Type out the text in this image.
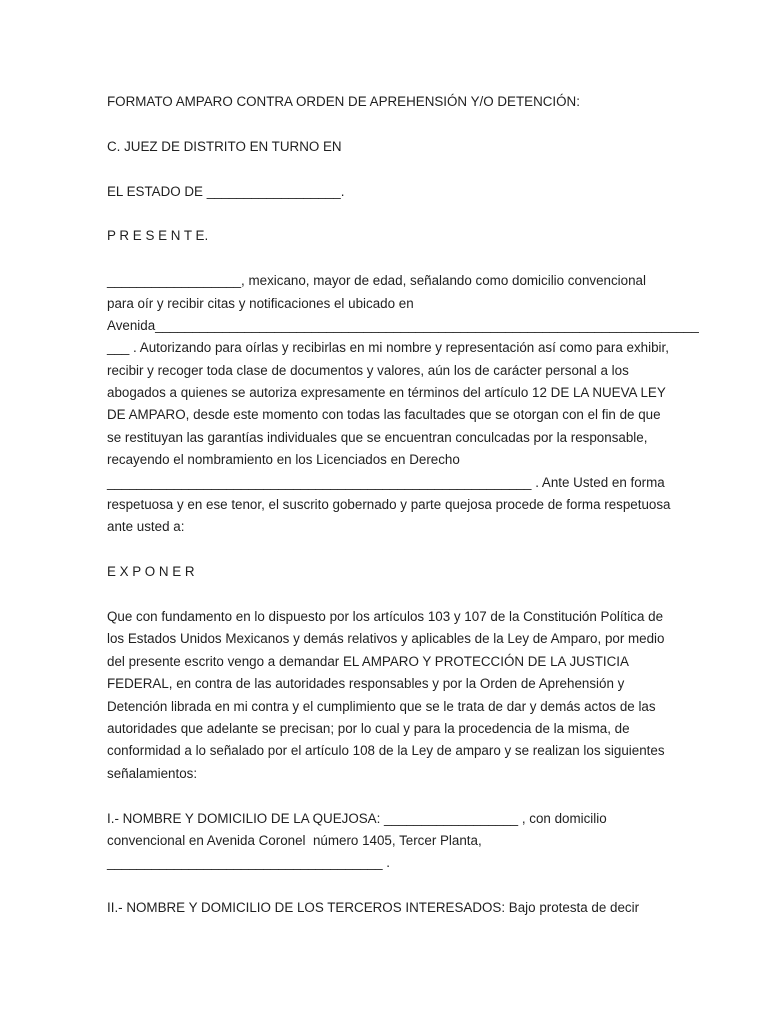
FORMATO AMPARO CONTRA ORDEN DE APREHENSIÓN Y/O DETENCIÓN:
C. JUEZ DE DISTRITO EN TURNO EN
EL ESTADO DE __________________.
P R E S E N T E.
__________________, mexicano, mayor de edad, señalando como domicilio convencional
para oír y recibir citas y notificaciones el ubicado en
Avenida_________________________________________________________________________
___ . Autorizando para oírlas y recibirlas en mi nombre y representación así como para exhibir,
recibir y recoger toda clase de documentos y valores, aún los de carácter personal a los
abogados a quienes se autoriza expresamente en términos del artículo 12 DE LA NUEVA LEY
DE AMPARO, desde este momento con todas las facultades que se otorgan con el fin de que
se restituyan las garantías individuales que se encuentran conculcadas por la responsable,
recayendo el nombramiento en los Licenciados en Derecho
_________________________________________________________ . Ante Usted en forma
respetuosa y en ese tenor, el suscrito gobernado y parte quejosa procede de forma respetuosa
ante usted a:
E X P O N E R
Que con fundamento en lo dispuesto por los artículos 103 y 107 de la Constitución Política de
los Estados Unidos Mexicanos y demás relativos y aplicables de la Ley de Amparo, por medio
del presente escrito vengo a demandar EL AMPARO Y PROTECCIÓN DE LA JUSTICIA
FEDERAL, en contra de las autoridades responsables y por la Orden de Aprehensión y
Detención librada en mi contra y el cumplimiento que se le trata de dar y demás actos de las
autoridades que adelante se precisan; por lo cual y para la procedencia de la misma, de
conformidad a lo señalado por el artículo 108 de la Ley de amparo y se realizan los siguientes
señalamientos:
I.- NOMBRE Y DOMICILIO DE LA QUEJOSA: __________________ , con domicilio
convencional en Avenida Coronel  número 1405, Tercer Planta,
_____________________________________ .
II.- NOMBRE Y DOMICILIO DE LOS TERCEROS INTERESADOS: Bajo protesta de decir
